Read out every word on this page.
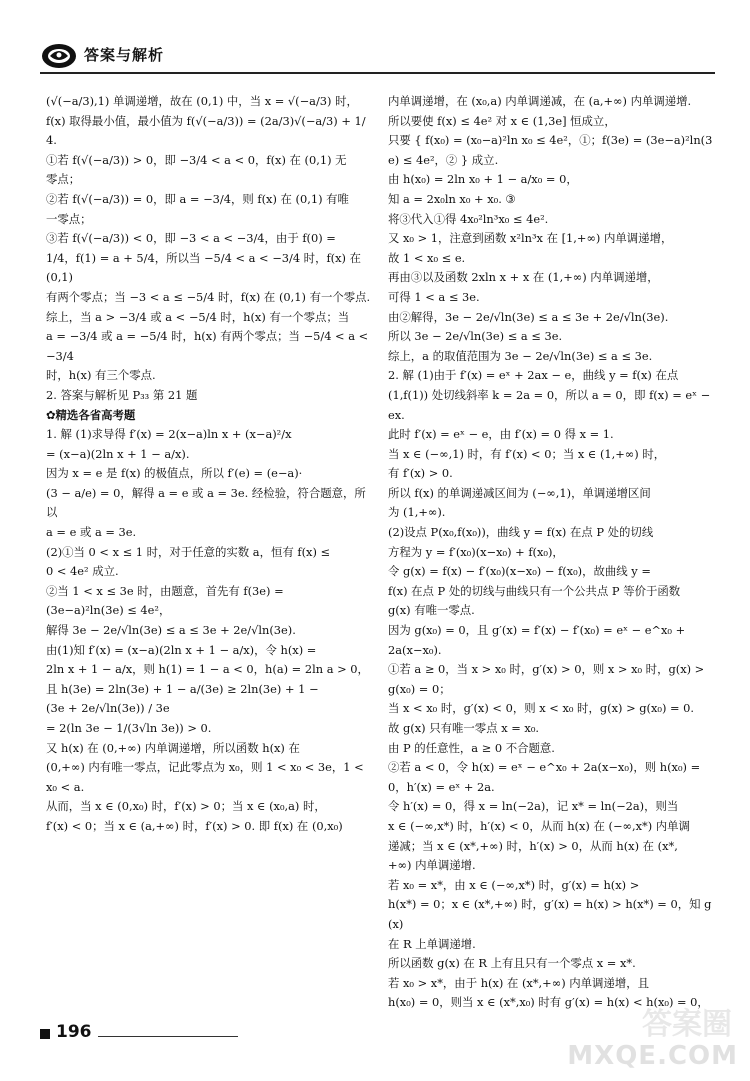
答案与解析

(√(−a/3),1) 单调递增，故在 (0,1) 中，当 x = √(−a/3) 时，

f(x) 取得最小值，最小值为 f(√(−a/3)) = (2a/3)√(−a/3) + 1/4.

①若 f(√(−a/3)) > 0，即 −3/4 < a < 0，f(x) 在 (0,1) 无

零点；

②若 f(√(−a/3)) = 0，即 a = −3/4，则 f(x) 在 (0,1) 有唯

一零点；

③若 f(√(−a/3)) < 0，即 −3 < a < −3/4，由于 f(0) =

1/4，f(1) = a + 5/4，所以当 −5/4 < a < −3/4 时，f(x) 在 (0,1)

有两个零点；当 −3 < a ≤ −5/4 时，f(x) 在 (0,1) 有一个零点.

综上，当 a > −3/4 或 a < −5/4 时，h(x) 有一个零点；当

a = −3/4 或 a = −5/4 时，h(x) 有两个零点；当 −5/4 < a < −3/4

时，h(x) 有三个零点.

2. 答案与解析见 P₃₃ 第 21 题

✿精选各省高考题

1. 解 (1)求导得 f′(x) = 2(x−a)ln x + (x−a)²/x

= (x−a)(2ln x + 1 − a/x).

因为 x = e 是 f(x) 的极值点，所以 f′(e) = (e−a)·

(3 − a/e) = 0，解得 a = e 或 a = 3e. 经检验，符合题意，所以

a = e 或 a = 3e.

(2)①当 0 < x ≤ 1 时，对于任意的实数 a，恒有 f(x) ≤

0 < 4e² 成立.

②当 1 < x ≤ 3e 时，由题意，首先有 f(3e) =

(3e−a)²ln(3e) ≤ 4e²，

解得 3e − 2e/√ln(3e) ≤ a ≤ 3e + 2e/√ln(3e).

由(1)知 f′(x) = (x−a)(2ln x + 1 − a/x)，令 h(x) =

2ln x + 1 − a/x，则 h(1) = 1 − a < 0，h(a) = 2ln a > 0，

且 h(3e) = 2ln(3e) + 1 − a/(3e) ≥ 2ln(3e) + 1 −

(3e + 2e/√ln(3e)) / 3e

= 2(ln 3e − 1/(3√ln 3e)) > 0.

又 h(x) 在 (0,+∞) 内单调递增，所以函数 h(x) 在

(0,+∞) 内有唯一零点，记此零点为 x₀，则 1 < x₀ < 3e，1 <

x₀ < a.

从而，当 x ∈ (0,x₀) 时，f′(x) > 0；当 x ∈ (x₀,a) 时，

f′(x) < 0；当 x ∈ (a,+∞) 时，f′(x) > 0. 即 f(x) 在 (0,x₀)

内单调递增，在 (x₀,a) 内单调递减，在 (a,+∞) 内单调递增.

所以要使 f(x) ≤ 4e² 对 x ∈ (1,3e] 恒成立，

只要 { f(x₀) = (x₀−a)²ln x₀ ≤ 4e²，①；f(3e) = (3e−a)²ln(3e) ≤ 4e²，② } 成立.

由 h(x₀) = 2ln x₀ + 1 − a/x₀ = 0，

知 a = 2x₀ln x₀ + x₀. ③

将③代入①得 4x₀²ln³x₀ ≤ 4e².

又 x₀ > 1，注意到函数 x²ln³x 在 [1,+∞) 内单调递增，

故 1 < x₀ ≤ e.

再由③以及函数 2xln x + x 在 (1,+∞) 内单调递增，

可得 1 < a ≤ 3e.

由②解得，3e − 2e/√ln(3e) ≤ a ≤ 3e + 2e/√ln(3e).

所以 3e − 2e/√ln(3e) ≤ a ≤ 3e.

综上，a 的取值范围为 3e − 2e/√ln(3e) ≤ a ≤ 3e.

2. 解 (1)由于 f′(x) = eˣ + 2ax − e，曲线 y = f(x) 在点

(1,f(1)) 处切线斜率 k = 2a = 0，所以 a = 0，即 f(x) = eˣ −

ex.

此时 f′(x) = eˣ − e，由 f′(x) = 0 得 x = 1.

当 x ∈ (−∞,1) 时，有 f′(x) < 0；当 x ∈ (1,+∞) 时，

有 f′(x) > 0.

所以 f(x) 的单调递减区间为 (−∞,1)，单调递增区间

为 (1,+∞).

(2)设点 P(x₀,f(x₀))，曲线 y = f(x) 在点 P 处的切线

方程为 y = f′(x₀)(x−x₀) + f(x₀)，

令 g(x) = f(x) − f′(x₀)(x−x₀) − f(x₀)，故曲线 y =

f(x) 在点 P 处的切线与曲线只有一个公共点 P 等价于函数

g(x) 有唯一零点.

因为 g(x₀) = 0，且 g′(x) = f′(x) − f′(x₀) = eˣ − e^x₀ +

2a(x−x₀).

①若 a ≥ 0，当 x > x₀ 时，g′(x) > 0，则 x > x₀ 时，g(x) >

g(x₀) = 0；

当 x < x₀ 时，g′(x) < 0，则 x < x₀ 时，g(x) > g(x₀) = 0.

故 g(x) 只有唯一零点 x = x₀.

由 P 的任意性，a ≥ 0 不合题意.

②若 a < 0，令 h(x) = eˣ − e^x₀ + 2a(x−x₀)，则 h(x₀) =

0，h′(x) = eˣ + 2a.

令 h′(x) = 0，得 x = ln(−2a)，记 x* = ln(−2a)，则当

x ∈ (−∞,x*) 时，h′(x) < 0，从而 h(x) 在 (−∞,x*) 内单调

递减；当 x ∈ (x*,+∞) 时，h′(x) > 0，从而 h(x) 在 (x*,

+∞) 内单调递增.

若 x₀ = x*，由 x ∈ (−∞,x*) 时，g′(x) = h(x) >

h(x*) = 0；x ∈ (x*,+∞) 时，g′(x) = h(x) > h(x*) = 0，知 g(x)

在 R 上单调递增.

所以函数 g(x) 在 R 上有且只有一个零点 x = x*.

若 x₀ > x*，由于 h(x) 在 (x*,+∞) 内单调递增，且

h(x₀) = 0，则当 x ∈ (x*,x₀) 时有 g′(x) = h(x) < h(x₀) = 0，

196	答案圈
MXQE.COM
